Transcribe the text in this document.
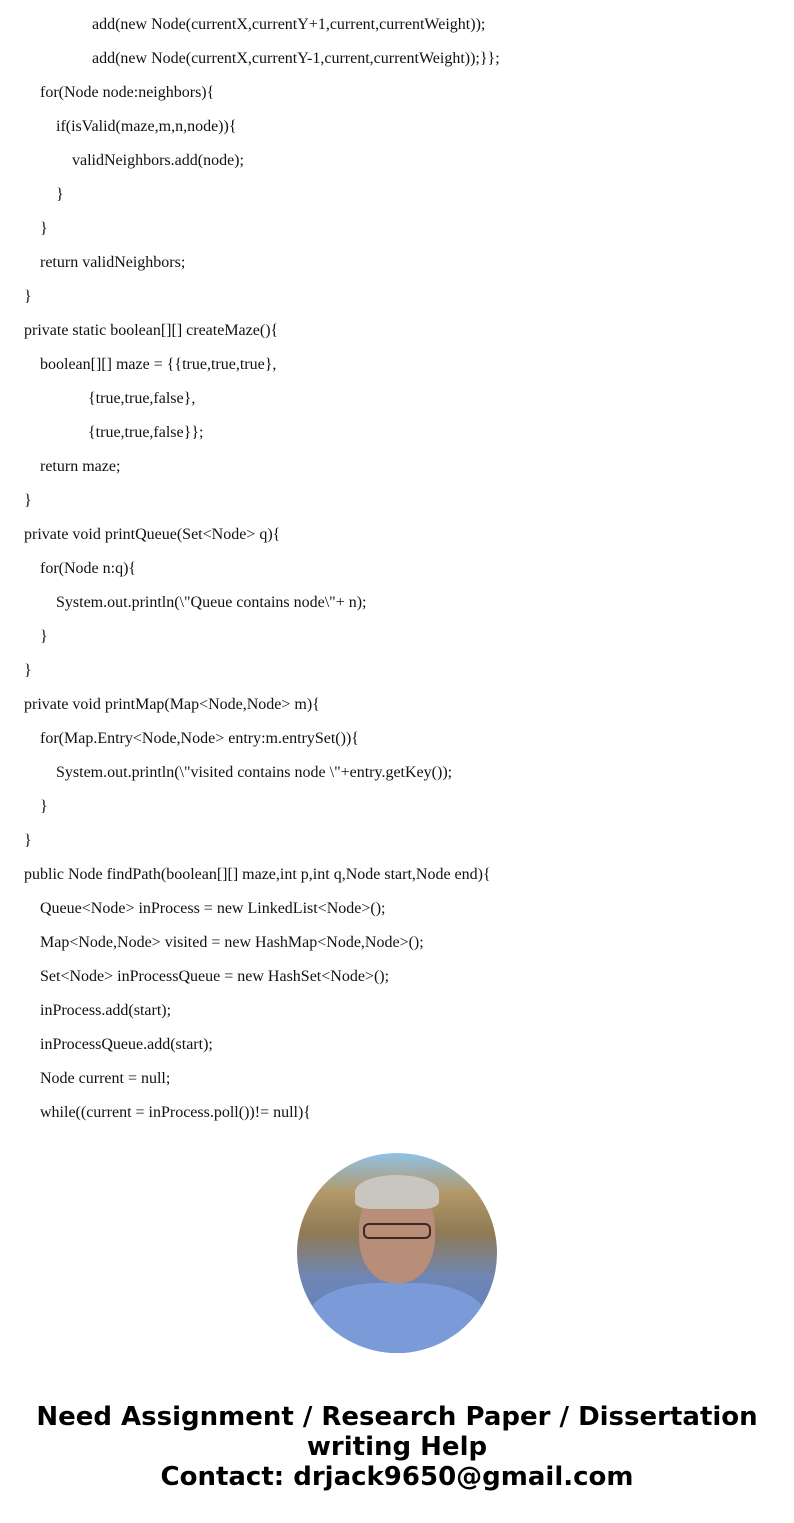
add(new Node(currentX,currentY+1,current,currentWeight));
add(new Node(currentX,currentY-1,current,currentWeight));}};
for(Node node:neighbors){
if(isValid(maze,m,n,node)){
validNeighbors.add(node);
}
}
return validNeighbors;
}
private static boolean[][] createMaze(){
boolean[][] maze = {{true,true,true},
{true,true,false},
{true,true,false}};
return maze;
}
private void printQueue(Set<Node> q){
for(Node n:q){
System.out.println(\"Queue contains node\"+ n);
}
}
private void printMap(Map<Node,Node> m){
for(Map.Entry<Node,Node> entry:m.entrySet()){
System.out.println(\"visited contains node \"+entry.getKey());
}
}
public Node findPath(boolean[][] maze,int p,int q,Node start,Node end){
Queue<Node> inProcess = new LinkedList<Node>();
Map<Node,Node> visited = new HashMap<Node,Node>();
Set<Node> inProcessQueue = new HashSet<Node>();
inProcess.add(start);
inProcessQueue.add(start);
Node current = null;
while((current = inProcess.poll())!= null){
Need Assignment / Research Paper / Dissertation
writing Help
Contact: drjack9650@gmail.com
